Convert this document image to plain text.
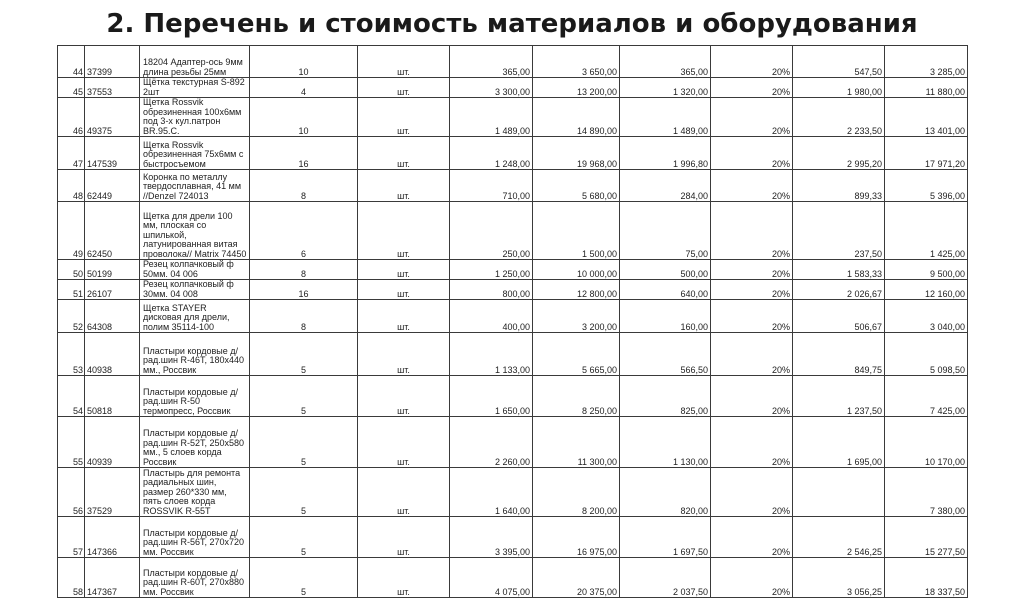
2. Перечень и стоимость материалов и оборудования
44	37399	18204 Адаптер-ось 9мм длина резьбы 25мм	10	шт.	365,00	3 650,00	365,00	20%	547,50	3 285,00
45	37553	Щётка текстурная S-892 2шт	4	шт.	3 300,00	13 200,00	1 320,00	20%	1 980,00	11 880,00
46	49375	Щетка Rossvik обрезиненная 100х6мм под 3-х кул.патрон BR.95.C.	10	шт.	1 489,00	14 890,00	1 489,00	20%	2 233,50	13 401,00
47	147539	Щетка Rossvik обрезиненная 75х6мм с быстросъемом	16	шт.	1 248,00	19 968,00	1 996,80	20%	2 995,20	17 971,20
48	62449	Коронка по металлу твердосплавная, 41 мм //Denzel 724013	8	шт.	710,00	5 680,00	284,00	20%	899,33	5 396,00
49	62450	Щетка для дрели 100 мм, плоская со шпилькой, латунированная витая проволока// Matrix 74450	6	шт.	250,00	1 500,00	75,00	20%	237,50	1 425,00
50	50199	Резец колпачковый ф 50мм. 04 006	8	шт.	1 250,00	10 000,00	500,00	20%	1 583,33	9 500,00
51	26107	Резец колпачковый ф 30мм. 04 008	16	шт.	800,00	12 800,00	640,00	20%	2 026,67	12 160,00
52	64308	Щетка STAYER дисковая для дрели, полим 35114-100	8	шт.	400,00	3 200,00	160,00	20%	506,67	3 040,00
53	40938	Пластыри кордовые д/рад.шин R-46T, 180х440 мм., Россвик	5	шт.	1 133,00	5 665,00	566,50	20%	849,75	5 098,50
54	50818	Пластыри кордовые д/рад.шин R-50 термопресс, Россвик	5	шт.	1 650,00	8 250,00	825,00	20%	1 237,50	7 425,00
55	40939	Пластыри кордовые д/рад.шин R-52T, 250х580 мм., 5 слоев корда Россвик	5	шт.	2 260,00	11 300,00	1 130,00	20%	1 695,00	10 170,00
56	37529	Пластырь для ремонта радиальных шин, размер 260*330 мм, пять слоев корда ROSSVIK R-55T	5	шт.	1 640,00	8 200,00	820,00	20%		7 380,00
57	147366	Пластыри кордовые д/рад.шин R-56T, 270х720 мм. Россвик	5	шт.	3 395,00	16 975,00	1 697,50	20%	2 546,25	15 277,50
58	147367	Пластыри кордовые д/рад.шин R-60T, 270х880 мм. Россвик	5	шт.	4 075,00	20 375,00	2 037,50	20%	3 056,25	18 337,50
